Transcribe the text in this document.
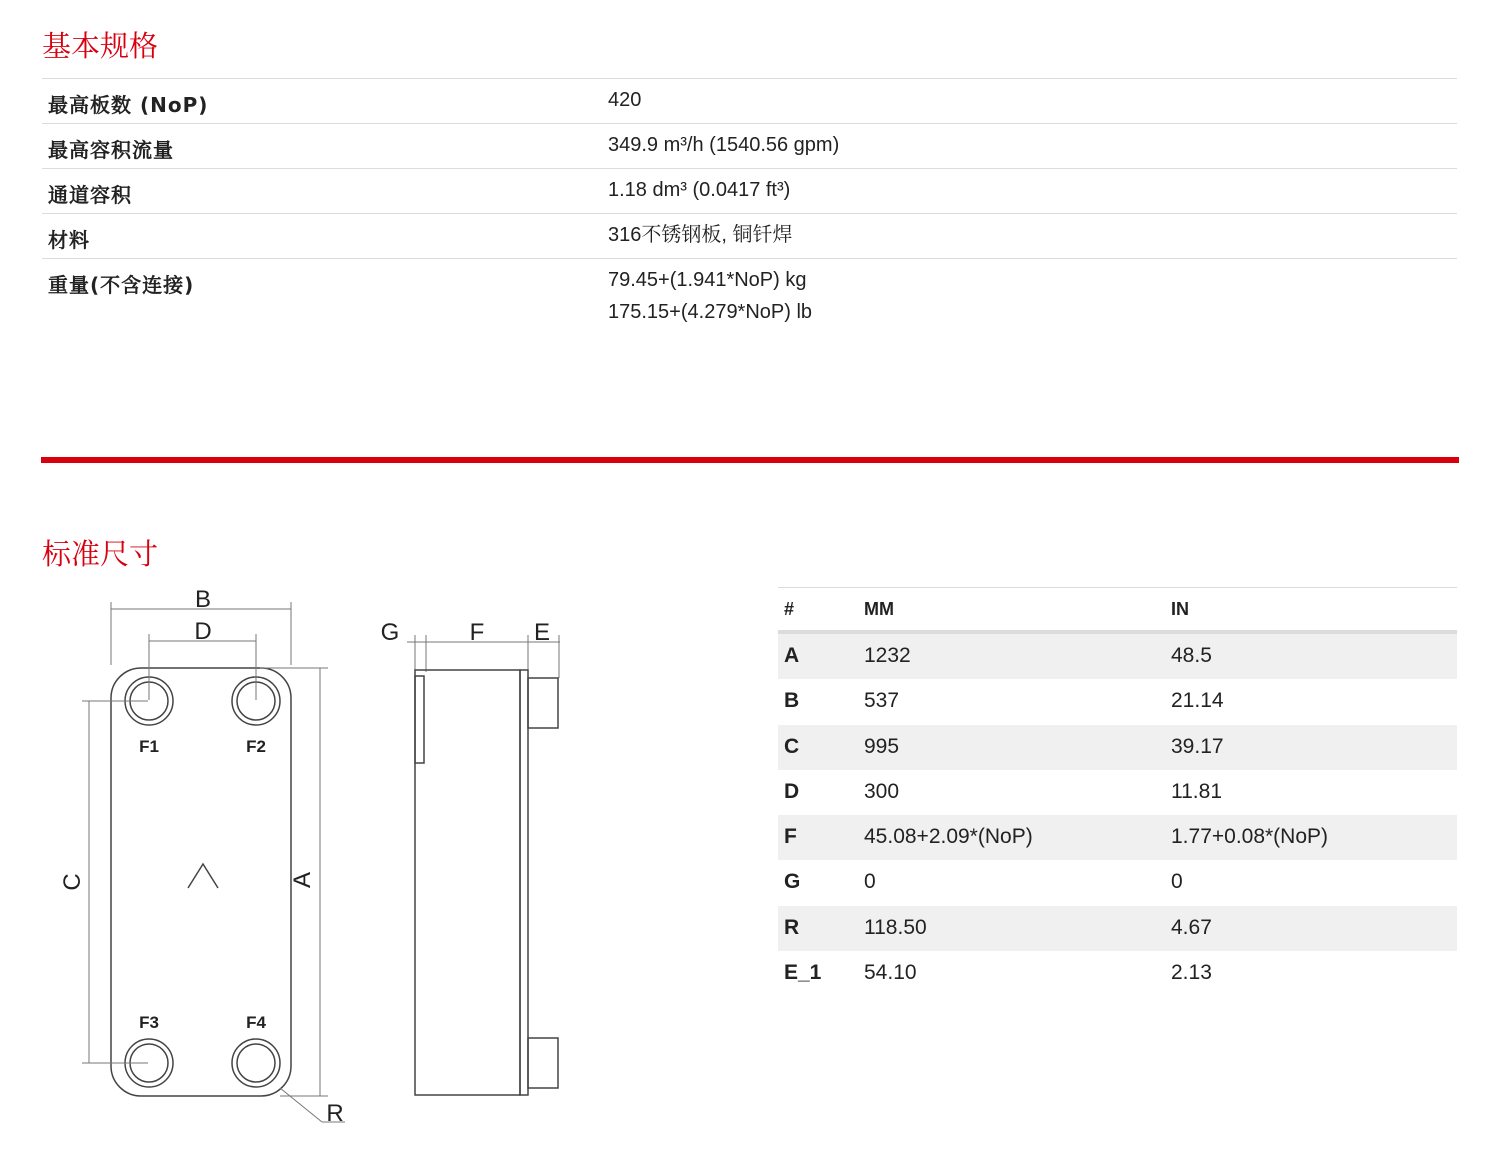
基本规格
最高板数 (NoP)	420
最高容积流量	349.9 m³/h (1540.56 gpm)
通道容积	1.18 dm³ (0.0417 ft³)
材料	316不锈钢板, 铜钎焊
重量(不含连接)	79.45+(1.941*NoP) kg
175.15+(4.279*NoP) lb
标准尺寸
B
D
C	A
R
G	F E
F1	F2
F3	F4
#	MM	IN
A	1232	48.5
B	537	21.14
C	995	39.17
D	300	11.81
F	45.08+2.09*(NoP)	1.77+0.08*(NoP)
G	0	0
R	118.50	4.67
E_1 54.10	2.13
